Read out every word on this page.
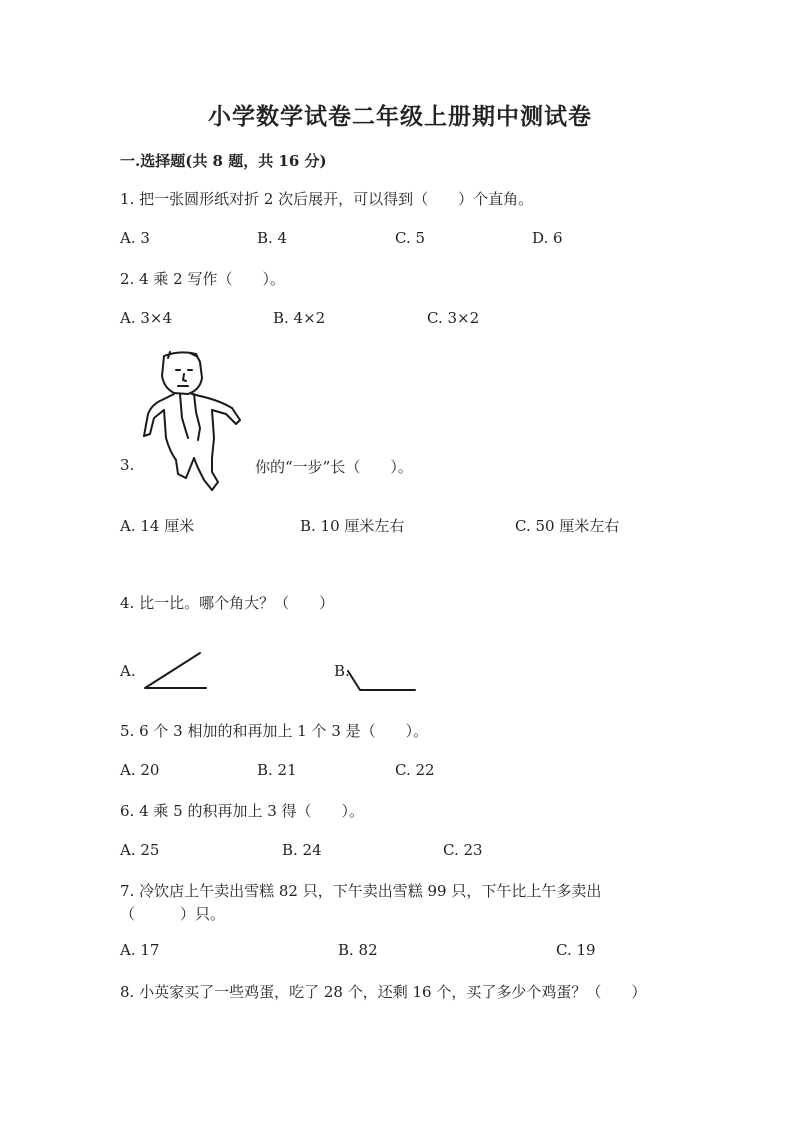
小学数学试卷二年级上册期中测试卷
一.选择题(共 8 题，共 16 分)
1. 把一张圆形纸对折 2 次后展开，可以得到（　　）个直角。
A. 3	B. 4	C. 5	D. 6
2. 4 乘 2 写作（　　）。
A. 3×4	B. 4×2	C. 3×2
3.	你的“一步”长（　　）。
A. 14 厘米	B. 10 厘米左右	C. 50 厘米左右
4. 比一比。哪个角大？（　　）
A.	B.
5. 6 个 3 相加的和再加上 1 个 3 是（　　）。
A. 20	B. 21	C. 22
6. 4 乘 5 的积再加上 3 得（　　）。
A. 25	B. 24	C. 23
7. 冷饮店上午卖出雪糕 82 只，下午卖出雪糕 99 只，下午比上午多卖出
（　　　）只。
A. 17	B. 82	C. 19
8. 小英家买了一些鸡蛋，吃了 28 个，还剩 16 个，买了多少个鸡蛋？（　　）
